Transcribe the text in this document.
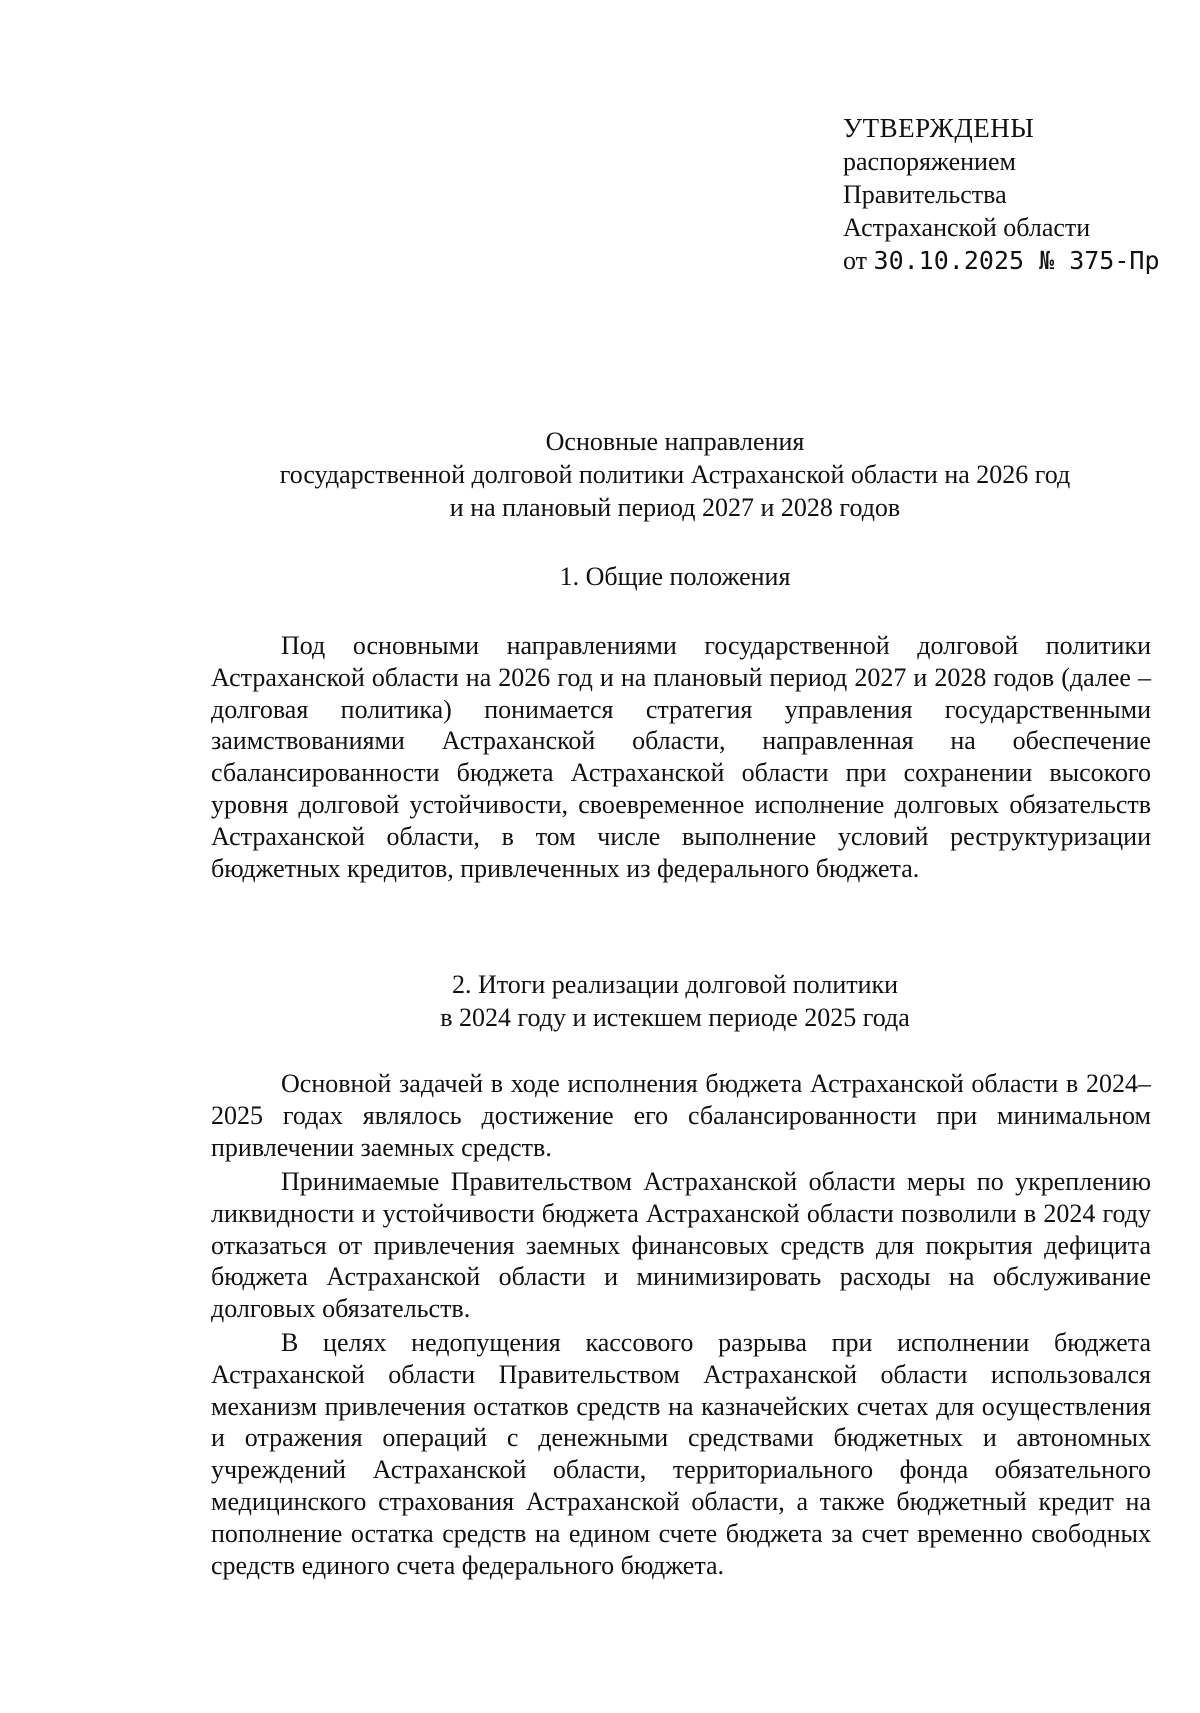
УТВЕРЖДЕНЫ
распоряжением
Правительства
Астраханской области
от 30.10.2025 № 375-Пр
Основные направления
государственной долговой политики Астраханской области на 2026 год
и на плановый период 2027 и 2028 годов
1. Общие положения

Под основными направлениями государственной долговой политики Астраханской области на 2026 год и на плановый период 2027 и 2028 годов (далее – долговая политика) понимается стратегия управления государственными заимствованиями Астраханской области, направленная на обеспечение сбалансированности бюджета Астраханской области при сохранении высокого уровня долговой устойчивости, своевременное исполнение долговых обязательств Астраханской области, в том числе выполнение условий реструктуризации бюджетных кредитов, привлеченных из федерального бюджета.

2. Итоги реализации долговой политики
в 2024 году и истекшем периоде 2025 года

Основной задачей в ходе исполнения бюджета Астраханской области в 2024–2025 годах являлось достижение его сбалансированности при минимальном привлечении заемных средств.

Принимаемые Правительством Астраханской области меры по укреплению ликвидности и устойчивости бюджета Астраханской области позволили в 2024 году отказаться от привлечения заемных финансовых средств для покрытия дефицита бюджета Астраханской области и минимизировать расходы на обслуживание долговых обязательств.

В целях недопущения кассового разрыва при исполнении бюджета Астраханской области Правительством Астраханской области использовался механизм привлечения остатков средств на казначейских счетах для осуществления и отражения операций с денежными средствами бюджетных и автономных учреждений Астраханской области, территориального фонда обязательного медицинского страхования Астраханской области, а также бюджетный кредит на пополнение остатка средств на едином счете бюджета за счет временно свободных средств единого счета федерального бюджета.
